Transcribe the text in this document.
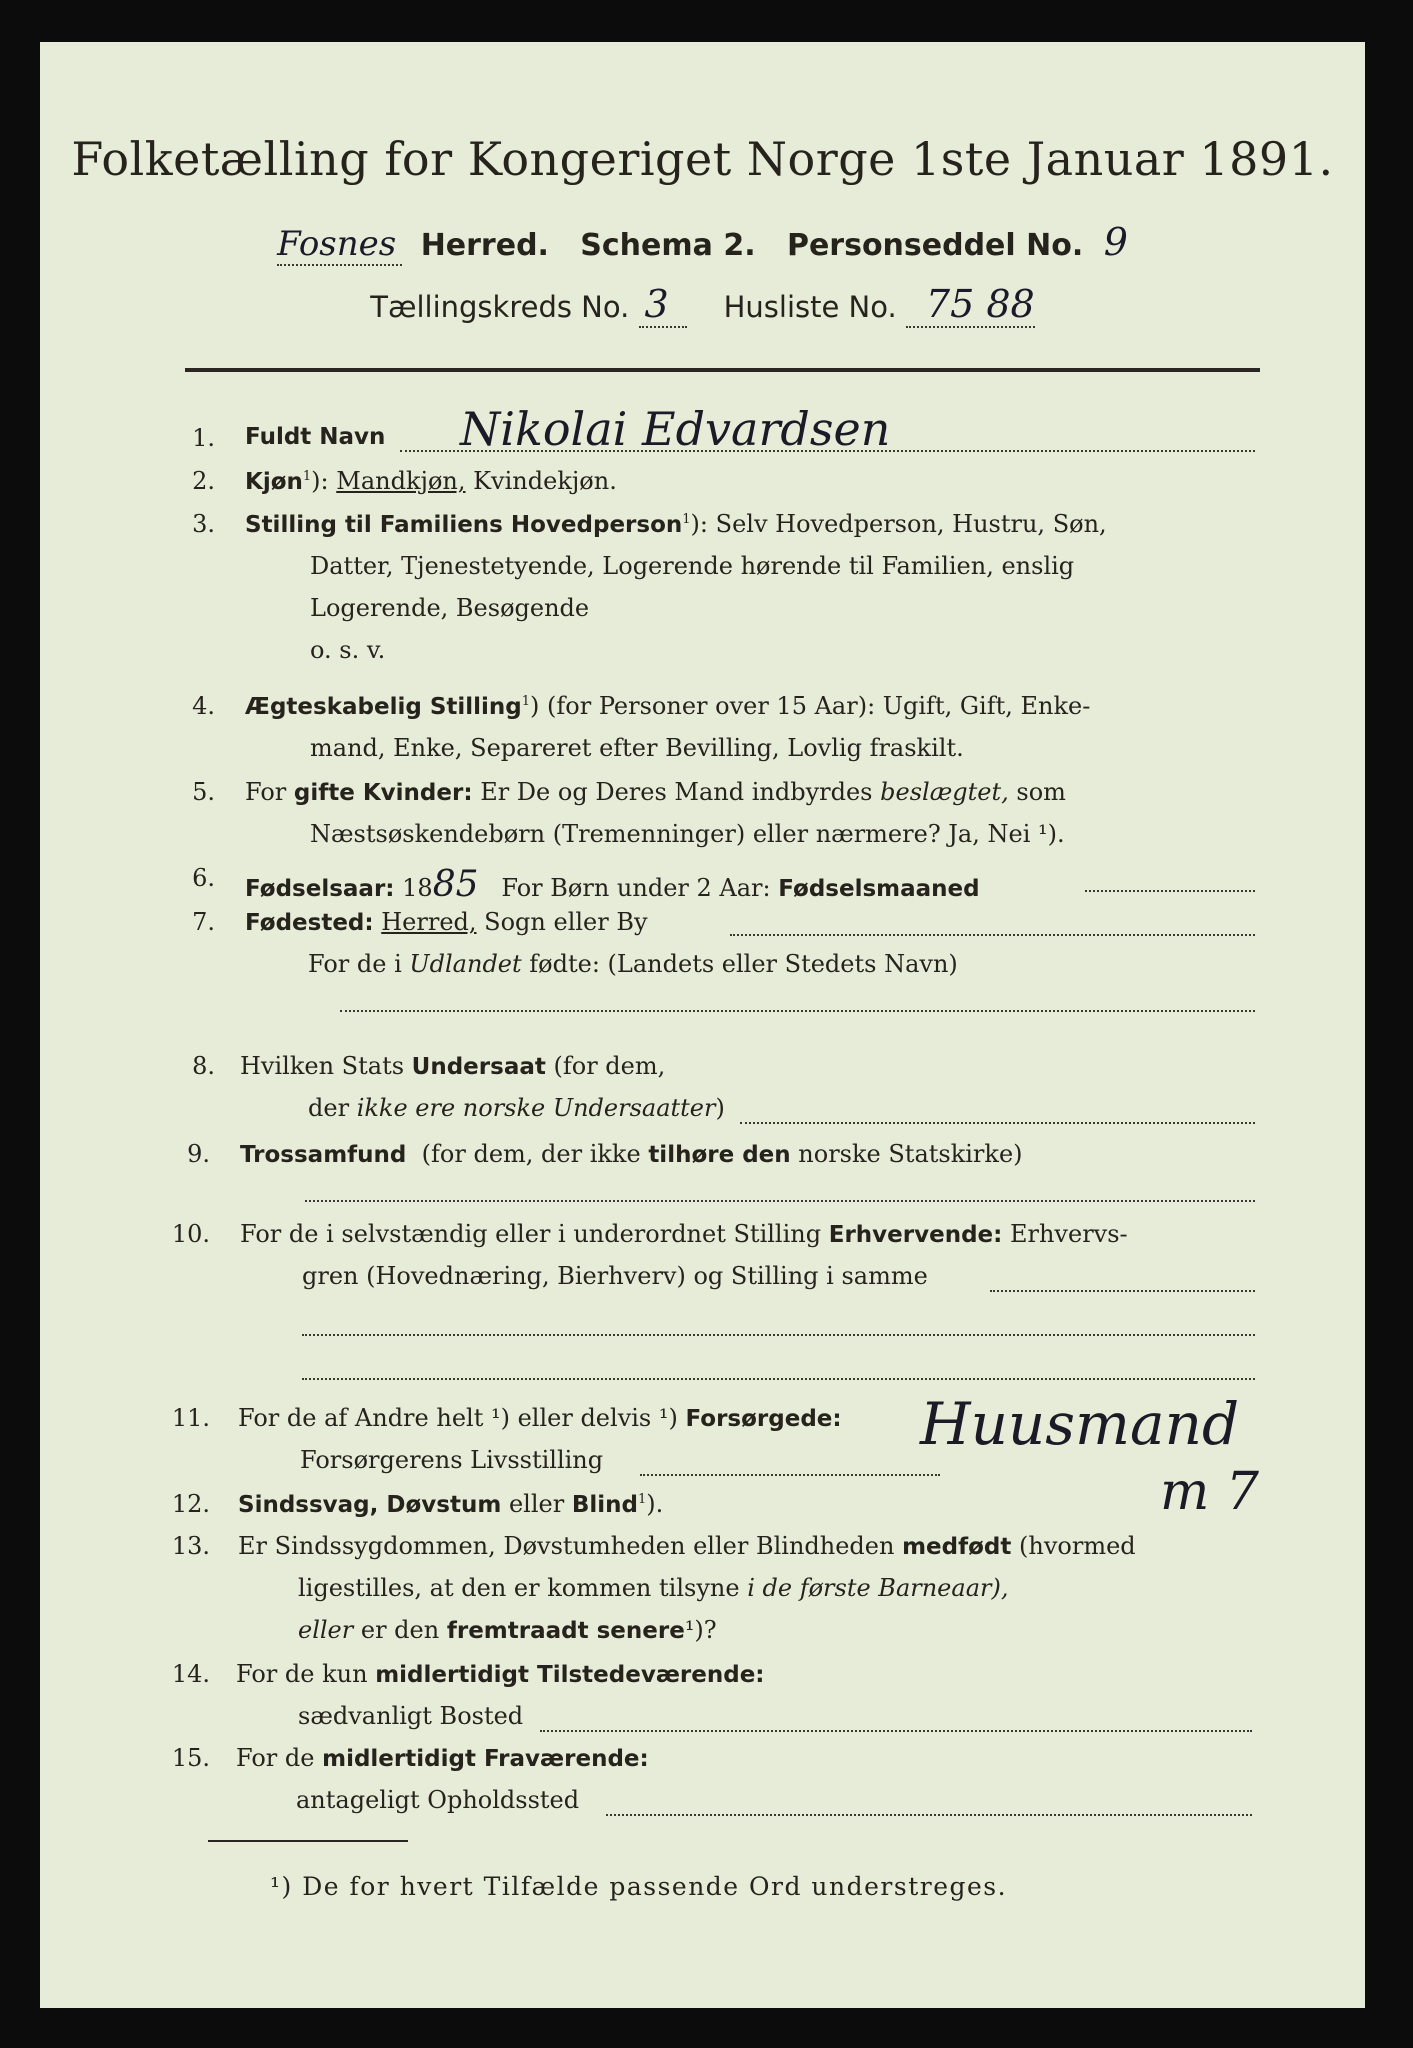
Folketælling for Kongeriget Norge 1ste Januar 1891.
Fosnes Herred. Schema 2. Personseddel No. 9
Tællingskreds No. 3 Husliste No. 75 88
1. Fuldt Navn Nikolai Edvardsen
2. Kjøn$^1$): Mandkjøn, Kvindekjøn.
3. Stilling til Familiens Hovedperson$^1$): Selv Hovedperson, Hustru, Søn,
Datter, Tjenestetyende, Logerende hørende til Familien, enslig
Logerende, Besøgende
o. s. v.
4. Ægteskabelig Stilling$^1$) (for Personer over 15 Aar): Ugift, Gift, Enke-
mand, Enke, Separeret efter Bevilling, Lovlig fraskilt.
5. For gifte Kvinder: Er De og Deres Mand indbyrdes beslægtet, som
Næstsøskendebørn (Tremenninger) eller nærmere? Ja, Nei ¹).
6. Fødselsaar: 1885 For Børn under 2 Aar: Fødselsmaaned
7. Fødested: Herred, Sogn eller By
For de i Udlandet fødte: (Landets eller Stedets Navn)
8. Hvilken Stats Undersaat (for dem,
der ikke ere norske Undersaatter)
9. Trossamfund (for dem, der ikke tilhøre den norske Statskirke)
10. For de i selvstændig eller i underordnet Stilling Erhvervende: Erhvervs-
gren (Hovednæring, Bierhverv) og Stilling i samme
11. For de af Andre helt ¹) eller delvis ¹) Forsørgede:
Forsørgerens Livsstilling
Huusmand
12. Sindssvag, Døvstum eller Blind$^1$).	m 7
13. Er Sindssygdommen, Døvstumheden eller Blindheden medfødt (hvormed
ligestilles, at den er kommen tilsyne i de første Barneaar),
eller er den fremtraadt senere¹)?
14. For de kun midlertidigt Tilstedeværende:
sædvanligt Bosted
15. For de midlertidigt Fraværende:
antageligt Opholdssted
¹) De for hvert Tilfælde passende Ord understreges.
